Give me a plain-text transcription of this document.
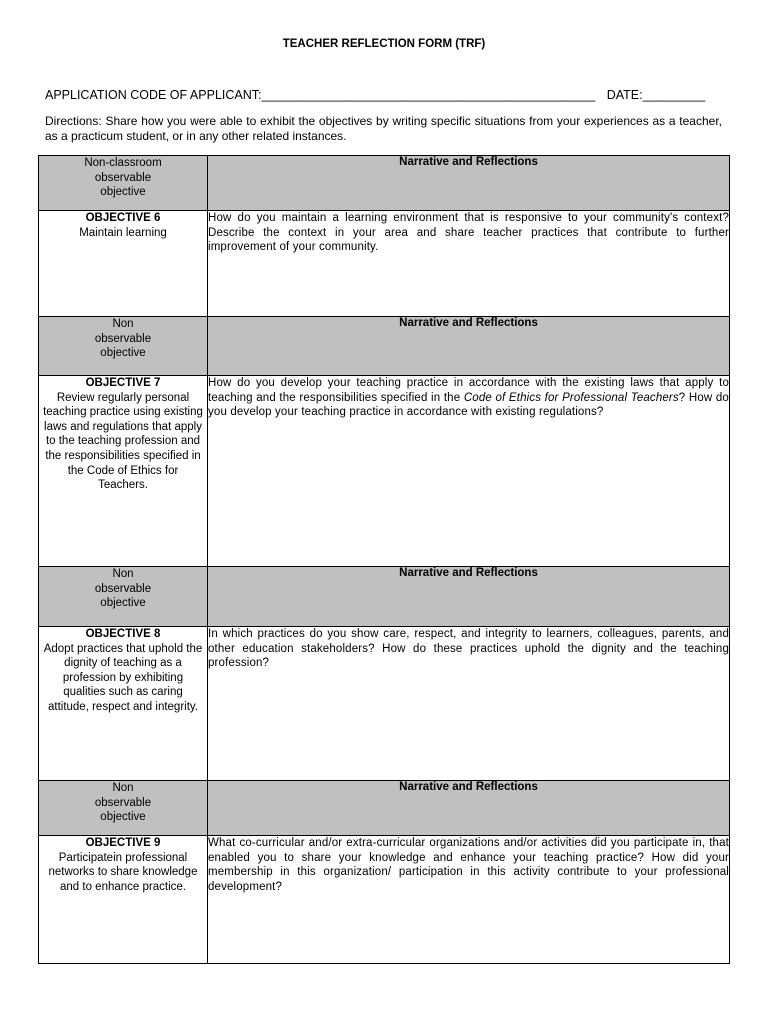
TEACHER REFLECTION FORM (TRF)
APPLICATION CODE OF APPLICANT:________________________________________________ DATE:_________
Directions: Share how you were able to exhibit the objectives by writing specific situations from your experiences as a teacher, as a practicum student, or in any other related instances.
Non-classroom
observable
objective	Narrative and Reflections

OBJECTIVE 6
Maintain learning	How do you maintain a learning environment that is responsive to your community's context? Describe the context in your area and share teacher practices that contribute to further improvement of your community.

Non
observable
objective	Narrative and Reflections

OBJECTIVE 7
Review regularly personal teaching practice using existing laws and regulations that apply to the teaching profession and the responsibilities specified in the Code of Ethics for Teachers.	How do you develop your teaching practice in accordance with the existing laws that apply to teaching and the responsibilities specified in the Code of Ethics for Professional Teachers? How do you develop your teaching practice in accordance with existing regulations?

Non
observable
objective	Narrative and Reflections

OBJECTIVE 8
Adopt practices that uphold the dignity of teaching as a profession by exhibiting qualities such as caring attitude, respect and integrity.	In which practices do you show care, respect, and integrity to learners, colleagues, parents, and other education stakeholders? How do these practices uphold the dignity and the teaching profession?

Non
observable
objective	Narrative and Reflections

OBJECTIVE 9
Participatein professional networks to share knowledge and to enhance practice.	What co-curricular and/or extra-curricular organizations and/or activities did you participate in, that enabled you to share your knowledge and enhance your teaching practice? How did your membership in this organization/ participation in this activity contribute to your professional development?
